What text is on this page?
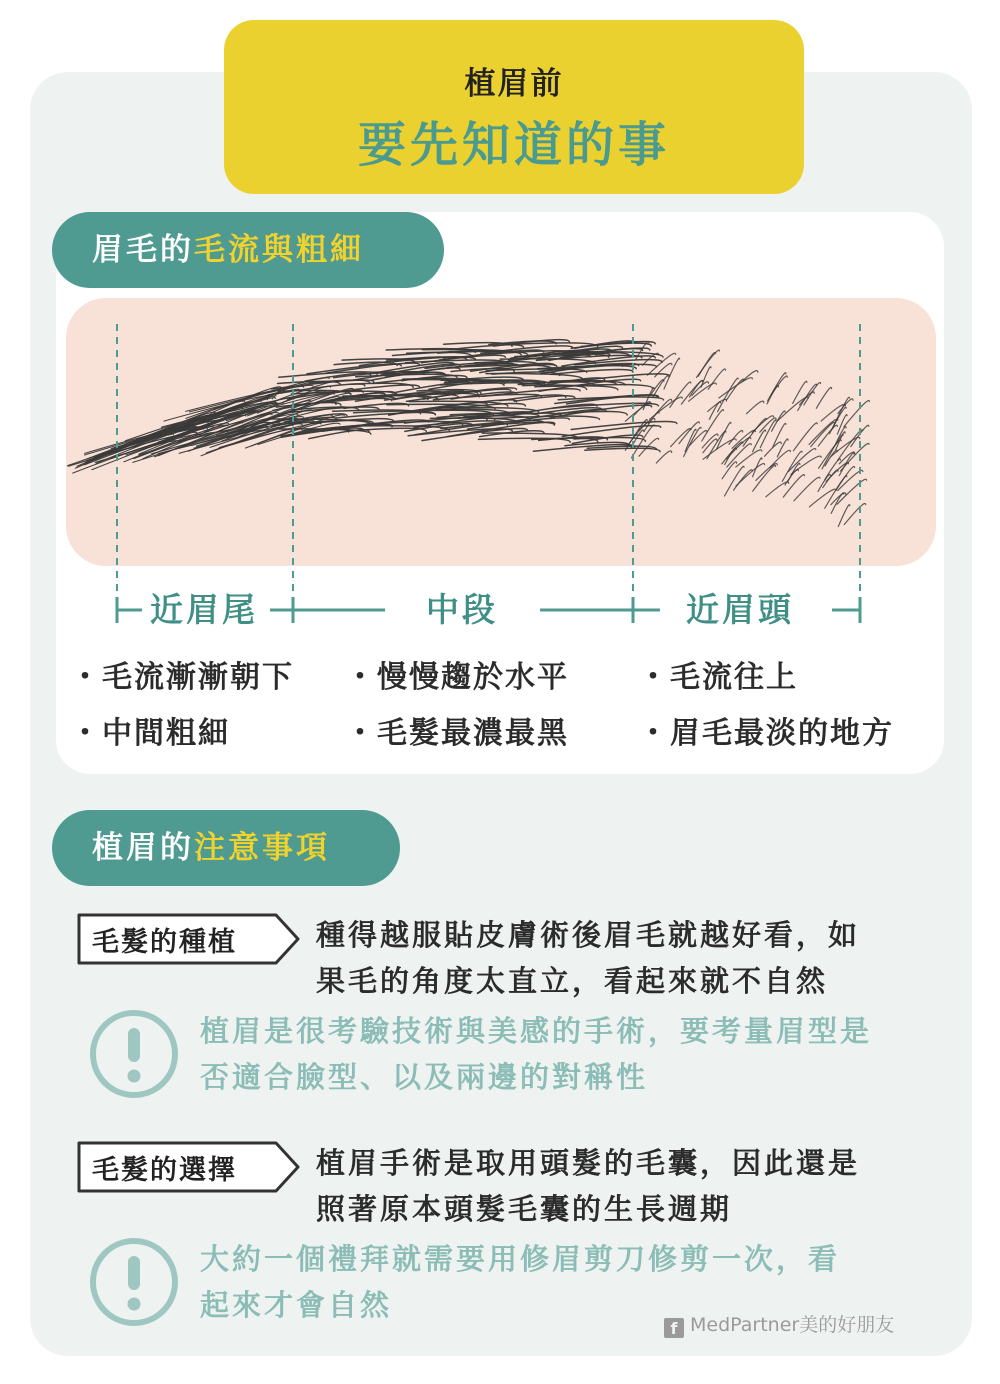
植眉前
要先知道的事
眉毛的毛流與粗細
近眉尾	中段	近眉頭
・ 毛流漸漸朝下
・ 中間粗細
・ 慢慢趨於水平
・ 毛髮最濃最黑
・ 毛流往上
・ 眉毛最淡的地方
植眉的注意事項
毛髮的種植	種得越服貼皮膚術後眉毛就越好看，如
果毛的角度太直立，看起來就不自然
植眉是很考驗技術與美感的手術，要考量眉型是
否適合臉型、以及兩邊的對稱性
毛髮的選擇	植眉手術是取用頭髮的毛囊，因此還是
照著原本頭髮毛囊的生長週期
大約一個禮拜就需要用修眉剪刀修剪一次，看
起來才會自然
f MedPartner美的好朋友
